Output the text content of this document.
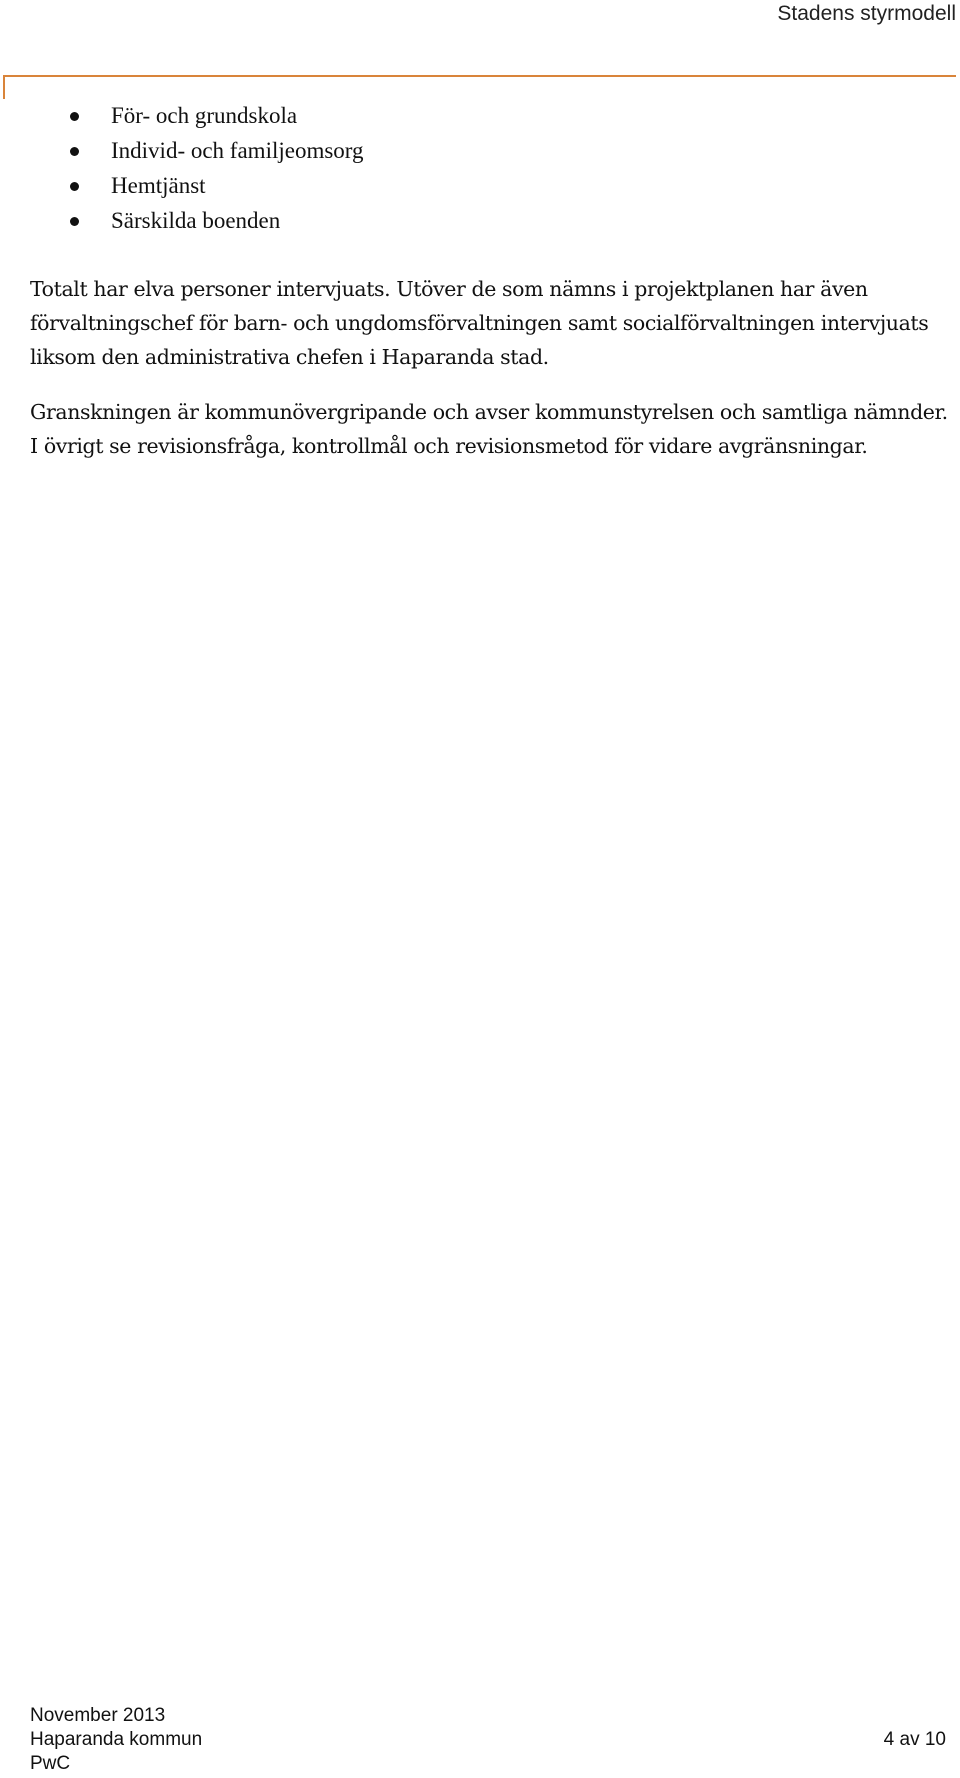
Stadens styrmodell
För- och grundskola
Individ- och familjeomsorg
Hemtjänst
Särskilda boenden

Totalt har elva personer intervjuats. Utöver de som nämns i projektplanen har även förvaltningschef för barn- och ungdomsförvaltningen samt socialförvaltningen intervjuats liksom den administrativa chefen i Haparanda stad.

Granskningen är kommunövergripande och avser kommunstyrelsen och samtliga nämnder. I övrigt se revisionsfråga, kontrollmål och revisionsmetod för vidare avgränsningar.

November 2013
Haparanda kommun
PwC
4 av 10
